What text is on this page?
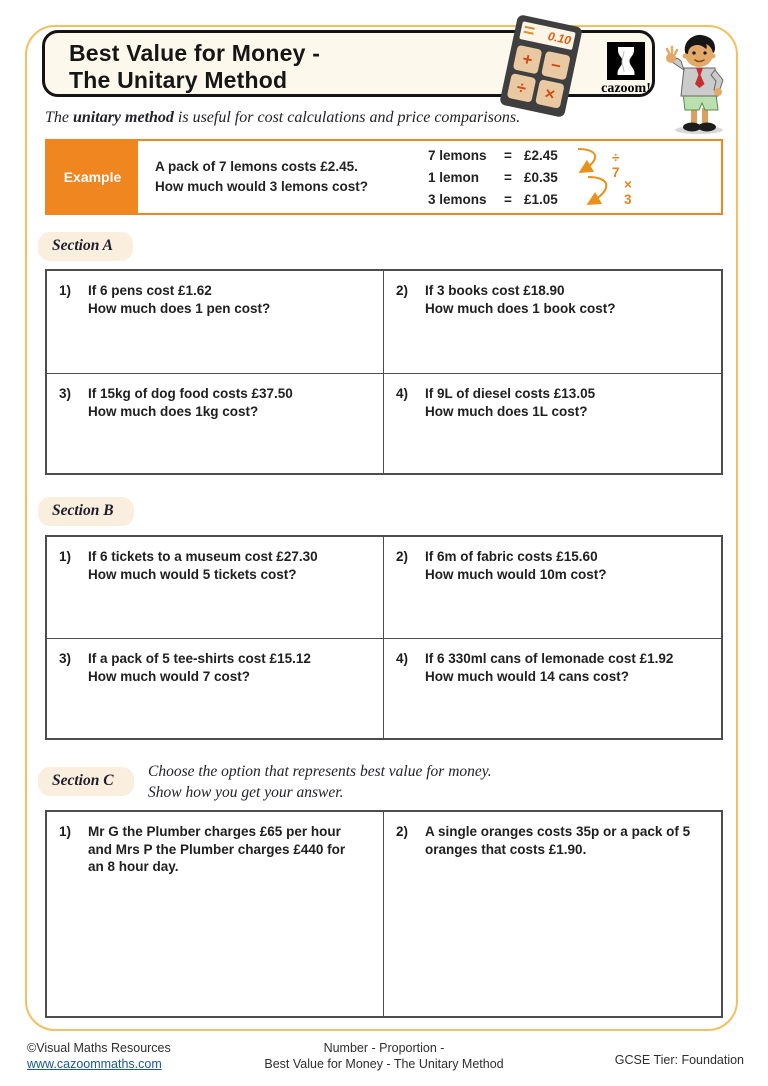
Best Value for Money -
The Unitary Method
0.10
+ −
÷ ×	cazoom!
The unitary method is useful for cost calculations and price comparisons.
Example
A pack of 7 lemons costs £2.45.
How much would 3 lemons cost?
7 lemons	= £2.45
1 lemon	= £0.35
3 lemons	= £1.05
÷ 7
× 3
Section A
1)	If 6 pens cost £1.62
How much does 1 pen cost?
2)	If 3 books cost £18.90
How much does 1 book cost?
3)	If 15kg of dog food costs £37.50
How much does 1kg cost?
4)	If 9L of diesel costs £13.05
How much does 1L cost?
Section B
1)	If 6 tickets to a museum cost £27.30
How much would 5 tickets cost?
2)	If 6m of fabric costs £15.60
How much would 10m cost?
3)	If a pack of 5 tee-shirts cost £15.12
How much would 7 cost?
4)	If 6 330ml cans of lemonade cost £1.92
How much would 14 cans cost?
Section C
Choose the option that represents best value for money.
Show how you get your answer.
1)	Mr G the Plumber charges £65 per hour and Mrs P the Plumber charges £440 for an 8 hour day.
2)	A single oranges costs 35p or a pack of 5 oranges that costs £1.90.
©Visual Maths Resources
www.cazoommaths.com
Number - Proportion -
Best Value for Money - The Unitary Method	GCSE Tier: Foundation
